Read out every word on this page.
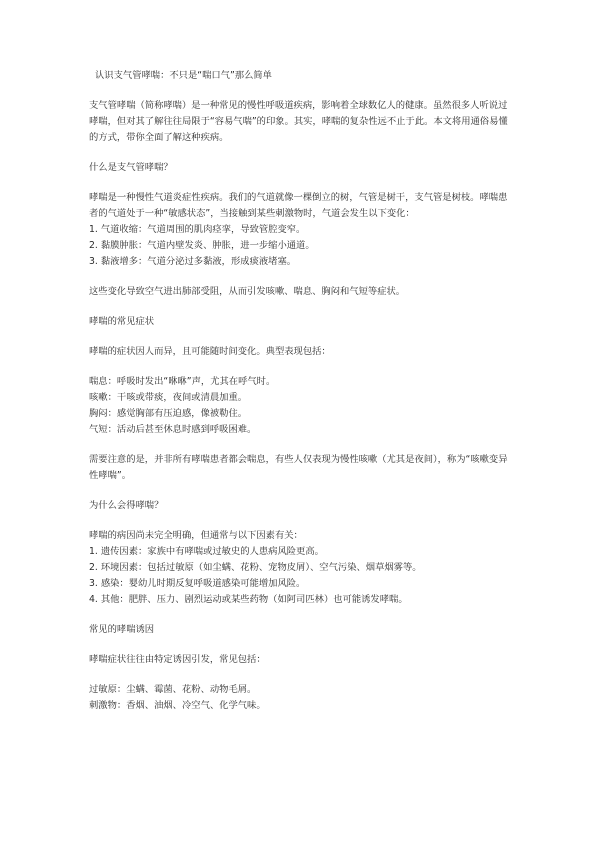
认识支气管哮喘：不只是“喘口气”那么简单

支气管哮喘（简称哮喘）是一种常见的慢性呼吸道疾病，影响着全球数亿人的健康。虽然很多人听说过哮喘，但对其了解往往局限于“容易气喘”的印象。其实，哮喘的复杂性远不止于此。本文将用通俗易懂的方式，带你全面了解这种疾病。

什么是支气管哮喘？

哮喘是一种慢性气道炎症性疾病。我们的气道就像一棵倒立的树，气管是树干，支气管是树枝。哮喘患者的气道处于一种“敏感状态”，当接触到某些刺激物时，气道会发生以下变化：

1. 气道收缩：气道周围的肌肉痉挛，导致管腔变窄。
2. 黏膜肿胀：气道内壁发炎、肿胀，进一步缩小通道。
3. 黏液增多：气道分泌过多黏液，形成痰液堵塞。

这些变化导致空气进出肺部受阻，从而引发咳嗽、喘息、胸闷和气短等症状。

哮喘的常见症状

哮喘的症状因人而异，且可能随时间变化。典型表现包括：

喘息：呼吸时发出“咻咻”声，尤其在呼气时。
咳嗽：干咳或带痰，夜间或清晨加重。
胸闷：感觉胸部有压迫感，像被勒住。
气短：活动后甚至休息时感到呼吸困难。

需要注意的是，并非所有哮喘患者都会喘息，有些人仅表现为慢性咳嗽（尤其是夜间），称为“咳嗽变异性哮喘”。

为什么会得哮喘？

哮喘的病因尚未完全明确，但通常与以下因素有关：

1. 遗传因素：家族中有哮喘或过敏史的人患病风险更高。
2. 环境因素：包括过敏原（如尘螨、花粉、宠物皮屑）、空气污染、烟草烟雾等。
3. 感染：婴幼儿时期反复呼吸道感染可能增加风险。
4. 其他：肥胖、压力、剧烈运动或某些药物（如阿司匹林）也可能诱发哮喘。

常见的哮喘诱因

哮喘症状往往由特定诱因引发，常见包括：

过敏原：尘螨、霉菌、花粉、动物毛屑。
刺激物：香烟、油烟、冷空气、化学气味。
